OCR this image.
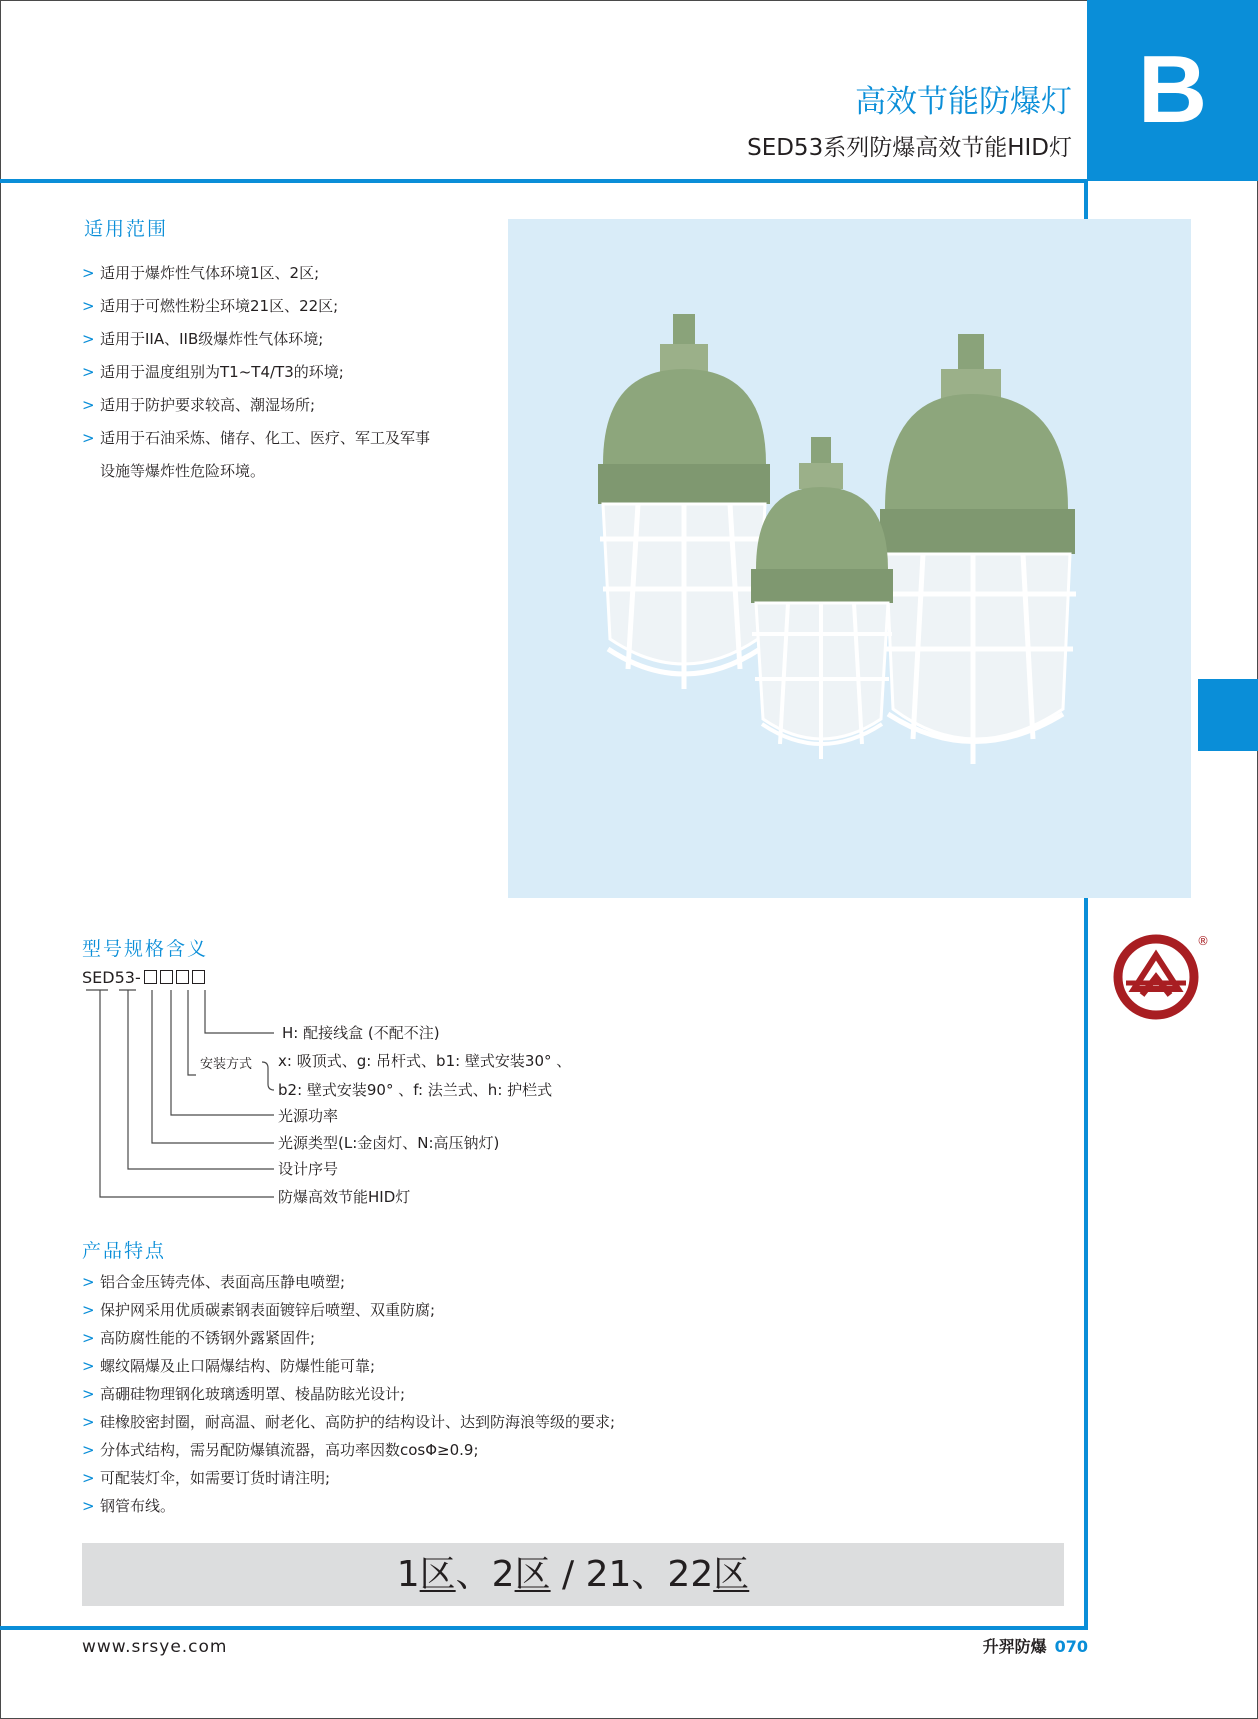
B
高效节能防爆灯
SED53系列防爆高效节能HID灯
适用范围
> 适用于爆炸性气体环境1区、2区;
> 适用于可燃性粉尘环境21区、22区;
> 适用于IIA、IIB级爆炸性气体环境;
> 适用于温度组别为T1~T4/T3的环境;
> 适用于防护要求较高、潮湿场所;
> 适用于石油采炼、储存、化工、医疗、军工及军事
设施等爆炸性危险环境。
型号规格含义
SED53-
H: 配接线盒 (不配不注)
安装方式 x: 吸顶式、g: 吊杆式、b1: 壁式安装30° 、
b2: 壁式安装90° 、f: 法兰式、h: 护栏式
光源功率
光源类型(L:金卤灯、N:高压钠灯)
设计序号
防爆高效节能HID灯
产品特点
> 铝合金压铸壳体、表面高压静电喷塑;
> 保护网采用优质碳素钢表面镀锌后喷塑、双重防腐;
> 高防腐性能的不锈钢外露紧固件;
> 螺纹隔爆及止口隔爆结构、防爆性能可靠;
> 高硼硅物理钢化玻璃透明罩、棱晶防眩光设计;
> 硅橡胶密封圈，耐高温、耐老化、高防护的结构设计、达到防海浪等级的要求;
> 分体式结构，需另配防爆镇流器，高功率因数cosΦ≥0.9;
> 可配装灯伞，如需要订货时请注明;
> 钢管布线。
1区、2区 / 21、22区
www.srsye.com	升羿防爆 070
®
